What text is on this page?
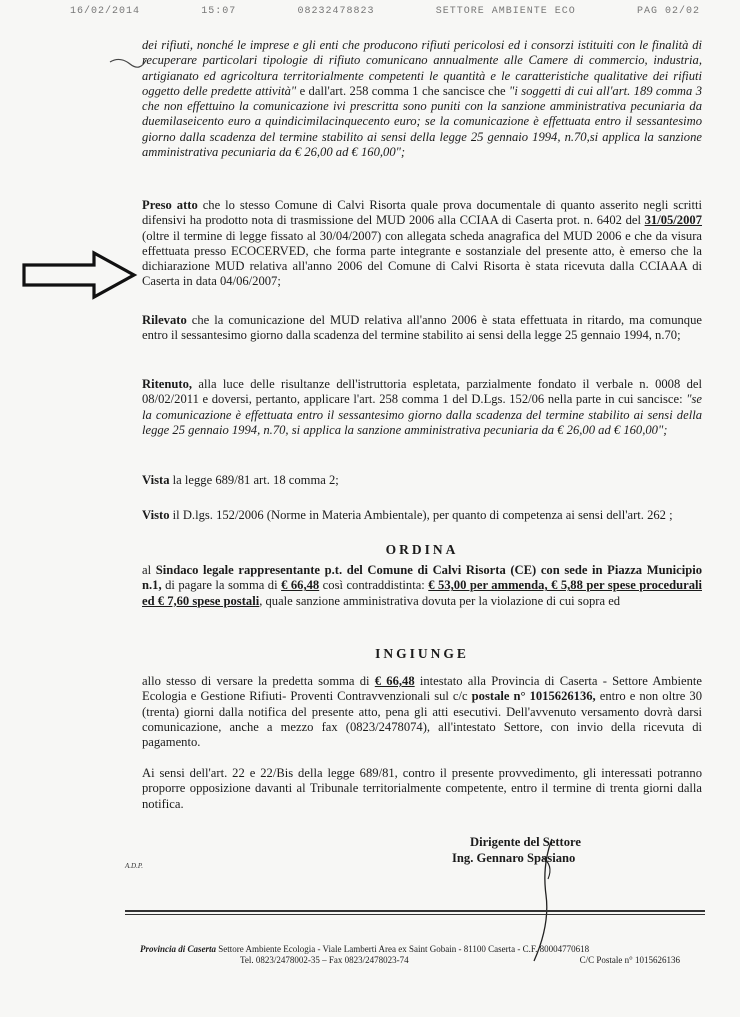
16/02/2014	15:07	08232478823	SETTORE AMBIENTE ECO	PAG 02/02
dei rifiuti, nonché le imprese e gli enti che producono rifiuti pericolosi ed i consorzi istituiti con le finalità di recuperare particolari tipologie di rifiuto comunicano annualmente alle Camere di commercio, industria, artigianato ed agricoltura territorialmente competenti le quantità e le caratteristiche qualitative dei rifiuti oggetto delle predette attività" e dall'art. 258 comma 1 che sancisce che "i soggetti di cui all'art. 189 comma 3 che non effettuino la comunicazione ivi prescritta sono puniti con la sanzione amministrativa pecuniaria da duemilaseicento euro a quindicimilacinquecento euro; se la comunicazione è effettuata entro il sessantesimo giorno dalla scadenza del termine stabilito ai sensi della legge 25 gennaio 1994, n.70,si applica la sanzione amministrativa pecuniaria da € 26,00 ad € 160,00";
Preso atto che lo stesso Comune di Calvi Risorta quale prova documentale di quanto asserito negli scritti difensivi ha prodotto nota di trasmissione del MUD 2006 alla CCIAA di Caserta prot. n. 6402 del 31/05/2007 (oltre il termine di legge fissato al 30/04/2007) con allegata scheda anagrafica del MUD 2006 e che da visura effettuata presso ECOCERVED, che forma parte integrante e sostanziale del presente atto, è emerso che la dichiarazione MUD relativa all'anno 2006 del Comune di Calvi Risorta è stata ricevuta dalla CCIAAA di Caserta in data 04/06/2007;
Rilevato che la comunicazione del MUD relativa all'anno 2006 è stata effettuata in ritardo, ma comunque entro il sessantesimo giorno dalla scadenza del termine stabilito ai sensi della legge 25 gennaio 1994, n.70;
Ritenuto, alla luce delle risultanze dell'istruttoria espletata, parzialmente fondato il verbale n. 0008 del 08/02/2011 e doversi, pertanto, applicare l'art. 258 comma 1 del D.Lgs. 152/06 nella parte in cui sancisce: "se la comunicazione è effettuata entro il sessantesimo giorno dalla scadenza del termine stabilito ai sensi della legge 25 gennaio 1994, n.70, si applica la sanzione amministrativa pecuniaria da € 26,00 ad € 160,00";
Vista la legge 689/81 art. 18 comma 2;
Visto il D.lgs. 152/2006 (Norme in Materia Ambientale), per quanto di competenza ai sensi dell'art. 262 ;
ORDINA
al Sindaco legale rappresentante p.t. del Comune di Calvi Risorta (CE) con sede in Piazza Municipio n.1, di pagare la somma di € 66,48 così contraddistinta: € 53,00 per ammenda, € 5,88 per spese procedurali ed € 7,60 spese postali, quale sanzione amministrativa dovuta per la violazione di cui sopra ed
INGIUNGE
allo stesso di versare la predetta somma di € 66,48 intestato alla Provincia di Caserta - Settore Ambiente Ecologia e Gestione Rifiuti- Proventi Contravvenzionali sul c/c postale n° 1015626136, entro e non oltre 30 (trenta) giorni dalla notifica del presente atto, pena gli atti esecutivi. Dell'avvenuto versamento dovrà darsi comunicazione, anche a mezzo fax (0823/2478074), all'intestato Settore, con invio della ricevuta di pagamento.
Ai sensi dell'art. 22 e 22/Bis della legge 689/81, contro il presente provvedimento, gli interessati potranno proporre opposizione davanti al Tribunale territorialmente competente, entro il termine di trenta giorni dalla notifica.
Dirigente del Settore
Ing. Gennaro Spasiano
A.D.P.
Provincia di Caserta Settore Ambiente Ecologia - Viale Lamberti Area ex Saint Gobain - 81100 Caserta - C.F. 80004770618
Tel. 0823/2478002-35 – Fax 0823/2478023-74	C/C Postale n° 1015626136
